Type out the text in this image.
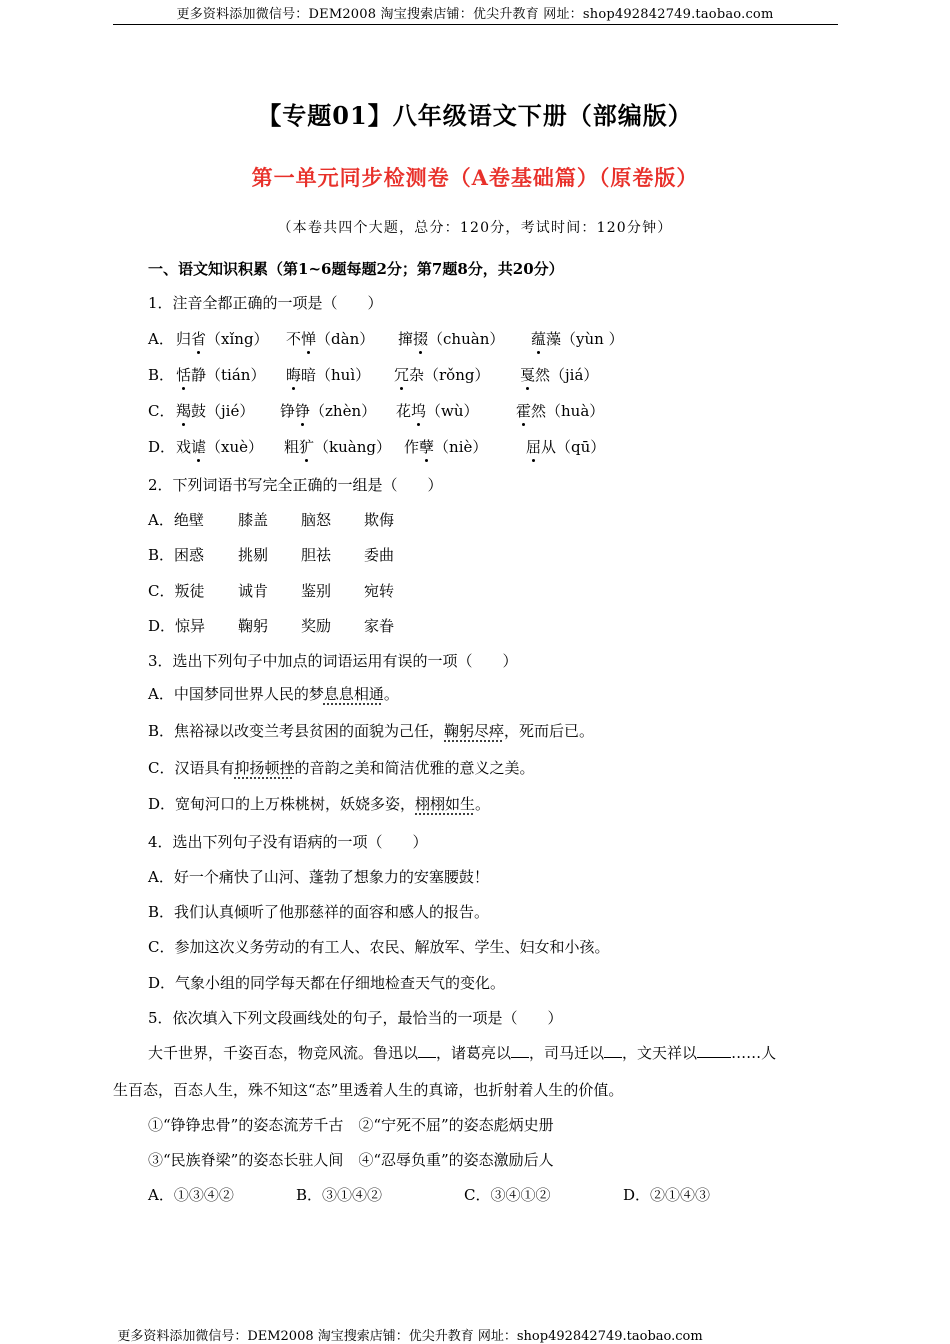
更多资料添加微信号：DEM2008 淘宝搜索店铺：优尖升教育 网址：shop492842749.taobao.com
【专题01】八年级语文下册（部编版）
第一单元同步检测卷（A卷基础篇）（原卷版）
（本卷共四个大题，总分：120分，考试时间：120分钟）
一、语文知识积累（第1~6题每题2分；第7题8分，共20分）
1．注音全都正确的一项是（　　）
A． 归省（xǐng） 不惮（dàn） 撺掇（chuàn） 蕴藻（yùn ）
B． 恬静（tián） 晦暗（huì） 冗杂（rǒng） 戛然（jiá）
C． 羯鼓（jié） 铮铮（zhèn） 花坞（wù） 霍然（huà）
D． 戏谑（xuè） 粗犷（kuàng） 作孽（niè）	屈从（qū）
2．下列词语书写完全正确的一组是（　　）
A．绝壁 膝盖 脑怒 欺侮
B．困惑 挑剔 胆祛 委曲
C．叛徒 诚肯 鉴别 宛转
D．惊异 鞠躬 奖励 家眷
3．选出下列句子中加点的词语运用有误的一项（　　）
A．中国梦同世界人民的梦息息相通。
B．焦裕禄以改变兰考县贫困的面貌为己任，鞠躬尽瘁，死而后已。
C．汉语具有抑扬顿挫的音韵之美和简洁优雅的意义之美。
D．宽甸河口的上万株桃树，妖娆多姿，栩栩如生。
4．选出下列句子没有语病的一项（　　）
A．好一个痛快了山河、蓬勃了想象力的安塞腰鼓！
B．我们认真倾听了他那慈祥的面容和感人的报告。
C．参加这次义务劳动的有工人、农民、解放军、学生、妇女和小孩。
D．气象小组的同学每天都在仔细地检查天气的变化。
5．依次填入下列文段画线处的句子，最恰当的一项是（　　）
大千世界，千姿百态，物竞风流。鲁迅以 ，诸葛亮以 ，司马迁以 ，文天祥以 ……人
生百态，百态人生，殊不知这“态”里透着人生的真谛，也折射着人生的价值。
①“铮铮忠骨”的姿态流芳千古　②“宁死不屈”的姿态彪炳史册
③“民族脊梁”的姿态长驻人间　④“忍辱负重”的姿态激励后人
A．①③④②	B．③①④②	C．③④①②	D．②①④③
更多资料添加微信号：DEM2008 淘宝搜索店铺：优尖升教育 网址：shop492842749.taobao.com
